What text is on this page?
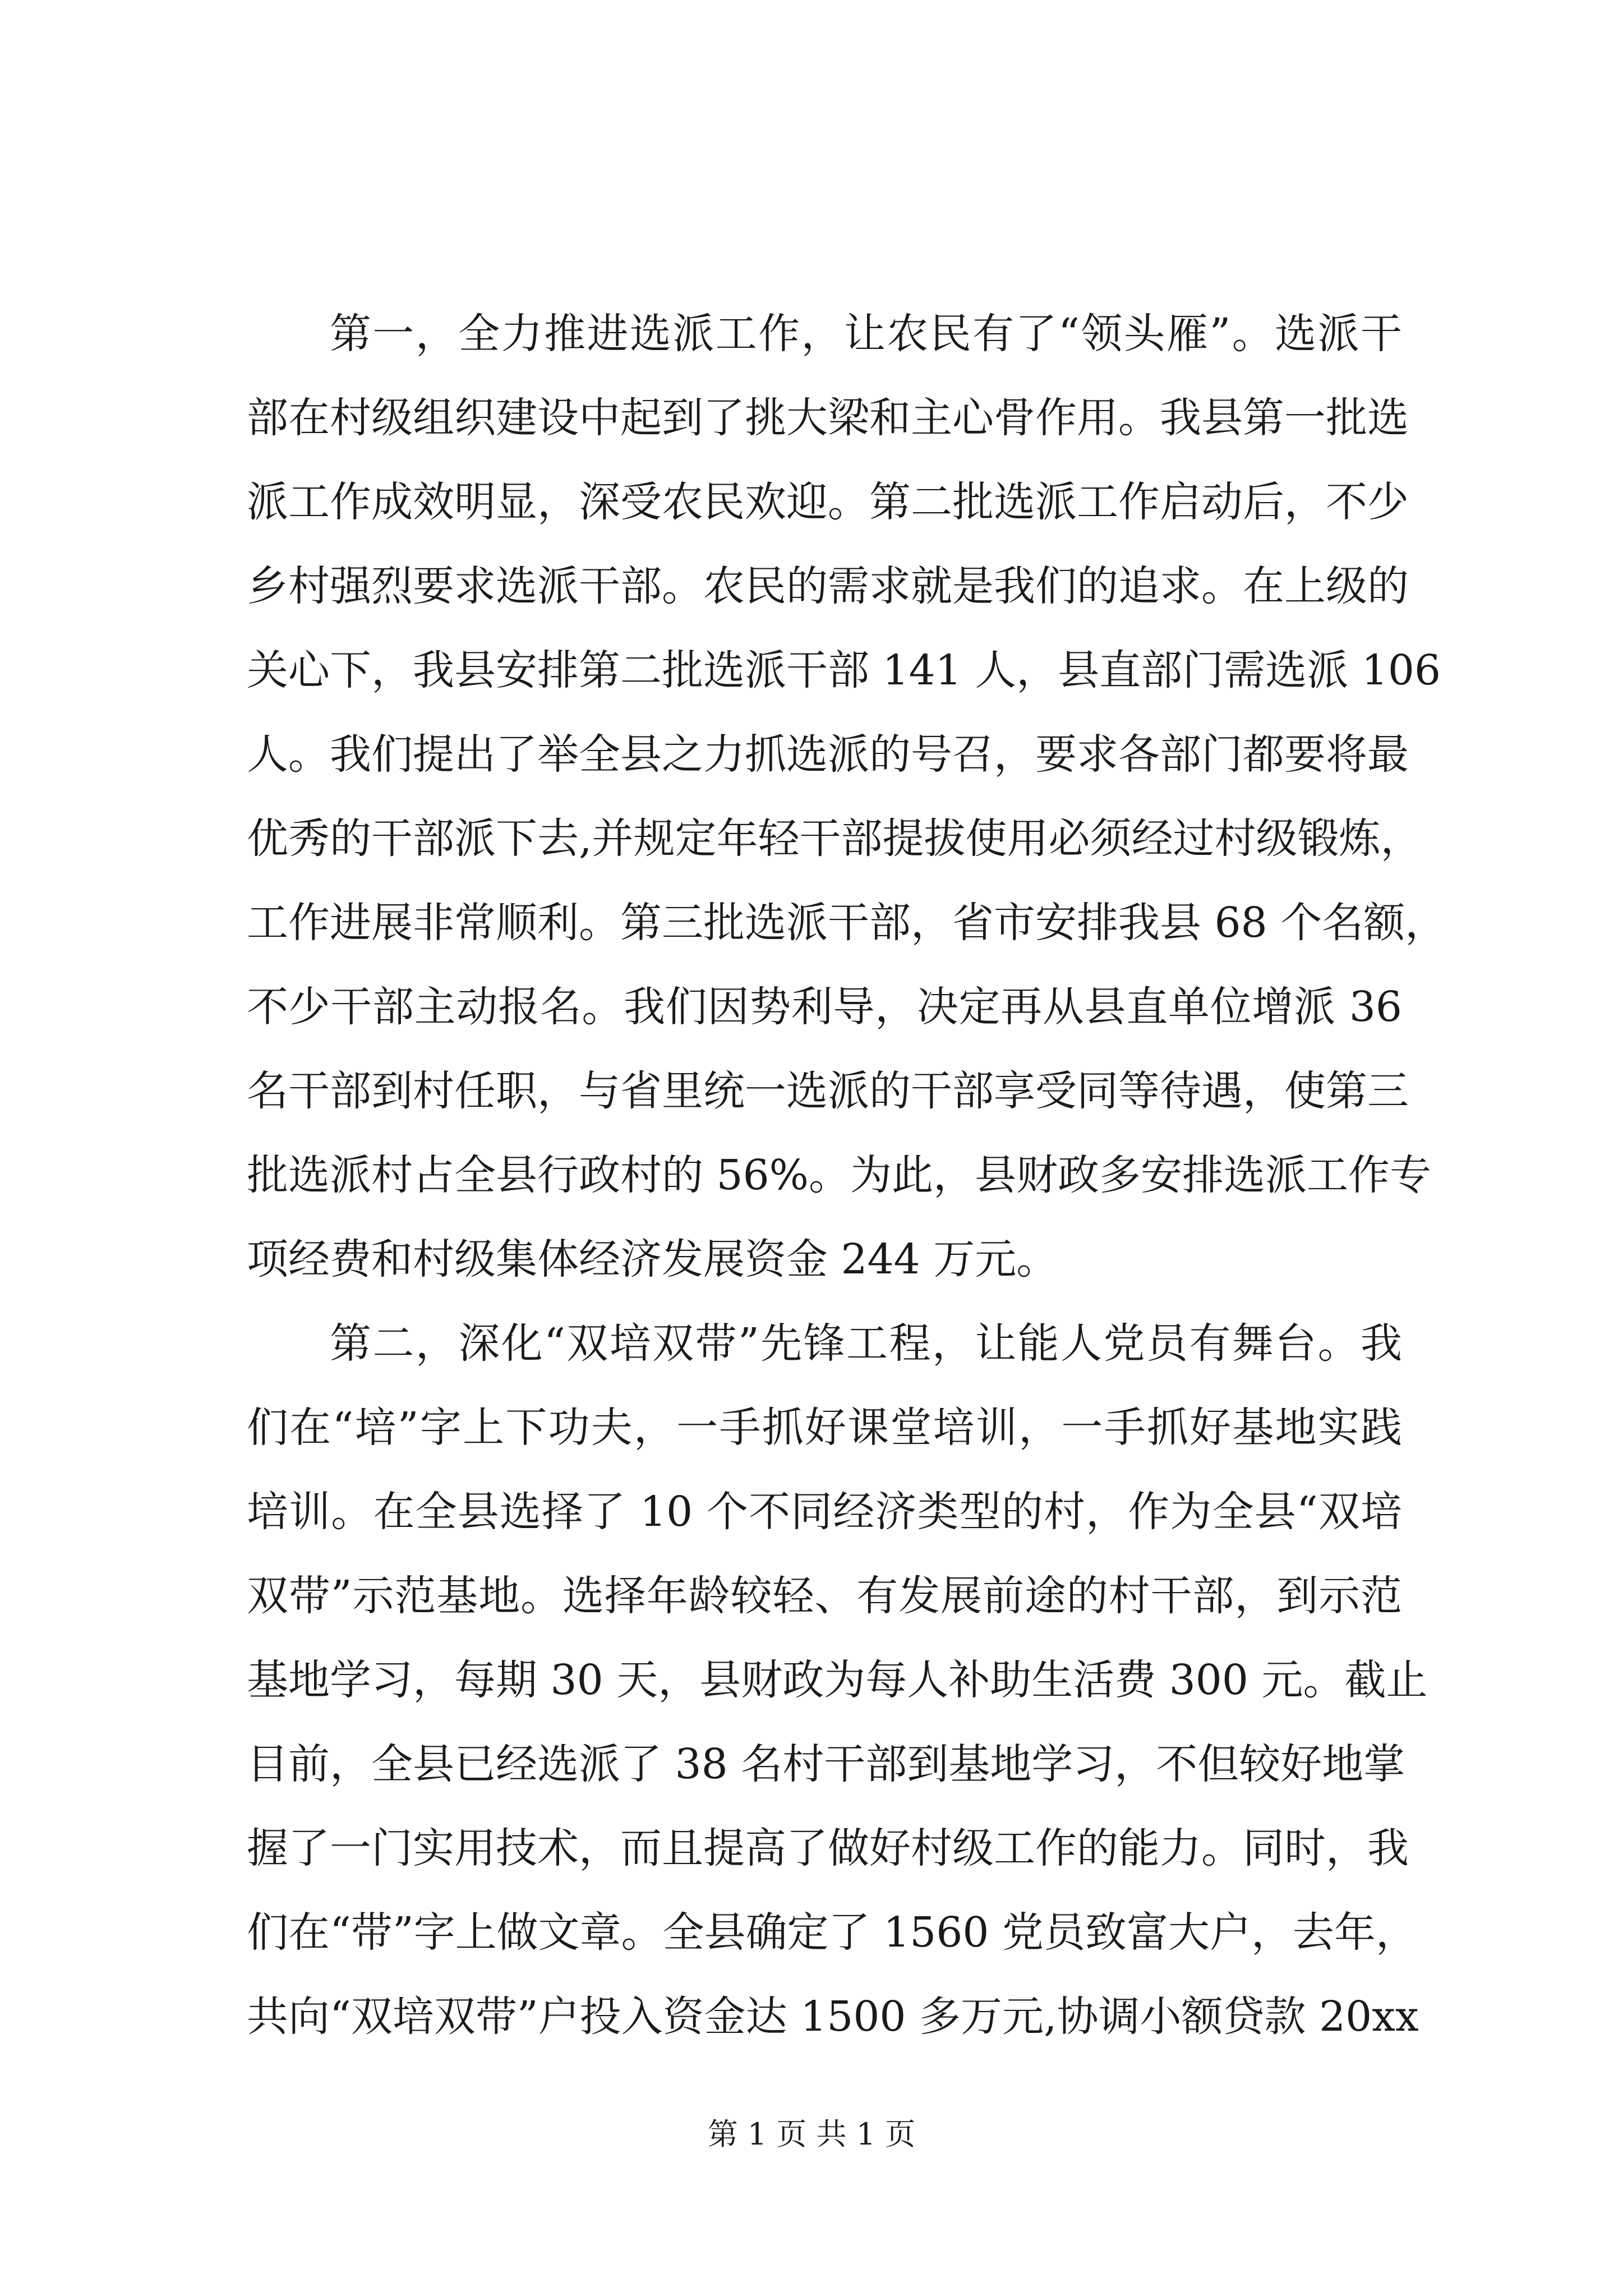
第一，全力推进选派工作，让农民有了“领头雁”。选派干
部在村级组织建设中起到了挑大梁和主心骨作用。我县第一批选
派工作成效明显，深受农民欢迎。第二批选派工作启动后，不少
乡村强烈要求选派干部。农民的需求就是我们的追求。在上级的
关心下，我县安排第二批选派干部 141 人，县直部门需选派 106
人。我们提出了举全县之力抓选派的号召，要求各部门都要将最
优秀的干部派下去,并规定年轻干部提拔使用必须经过村级锻炼，
工作进展非常顺利。第三批选派干部，省市安排我县 68 个名额，
不少干部主动报名。我们因势利导，决定再从县直单位增派 36
名干部到村任职，与省里统一选派的干部享受同等待遇，使第三
批选派村占全县行政村的 56%。为此，县财政多安排选派工作专
项经费和村级集体经济发展资金 244 万元。
第二，深化“双培双带”先锋工程，让能人党员有舞台。我
们在“培”字上下功夫，一手抓好课堂培训，一手抓好基地实践
培训。在全县选择了 10 个不同经济类型的村，作为全县“双培
双带”示范基地。选择年龄较轻、有发展前途的村干部，到示范
基地学习，每期 30 天，县财政为每人补助生活费 300 元。截止
目前，全县已经选派了 38 名村干部到基地学习，不但较好地掌
握了一门实用技术，而且提高了做好村级工作的能力。同时，我
们在“带”字上做文章。全县确定了 1560 党员致富大户，去年，
共向“双培双带”户投入资金达 1500 多万元,协调小额贷款 20xx
第 1 页 共 1 页
